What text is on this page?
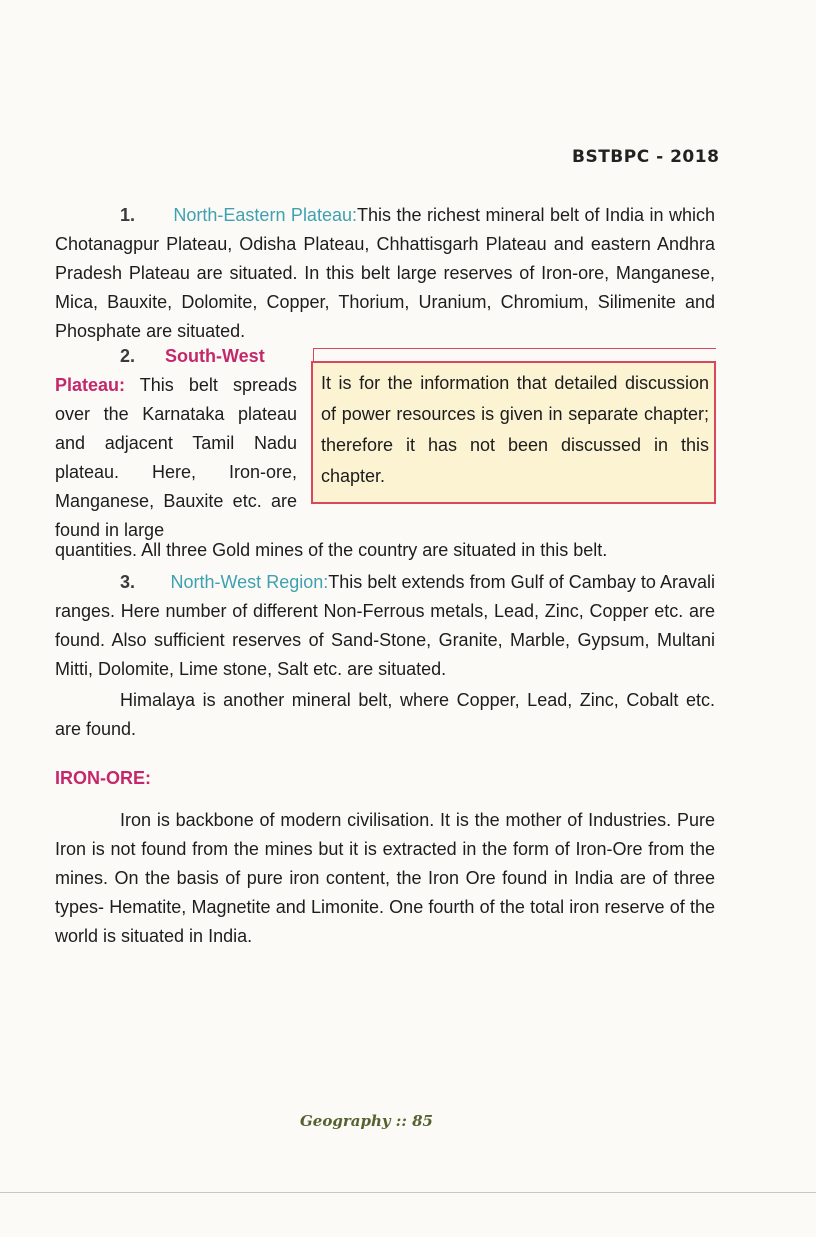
BSTBPC - 2018
1. North-Eastern Plateau:This the richest mineral belt of India in which Chotanagpur Plateau, Odisha Plateau, Chhattisgarh Plateau and eastern Andhra Pradesh Plateau are situated. In this belt large reserves of Iron-ore, Manganese, Mica, Bauxite, Dolomite, Copper, Thorium, Uranium, Chromium, Silimenite and Phosphate are situated.
2. South-West
Plateau: This belt spreads over the Karnataka plateau and adjacent Tamil Nadu plateau. Here, Iron-ore, Manganese, Bauxite etc. are found in large
It is for the information that detailed discussion of power resources is given in separate chapter; therefore it has not been discussed in this chapter.
quantities. All three Gold mines of the country are situated in this belt.
3. North-West Region:This belt extends from Gulf of Cambay to Aravali ranges. Here number of different Non-Ferrous metals, Lead, Zinc, Copper etc. are found. Also sufficient reserves of Sand-Stone, Granite, Marble, Gypsum, Multani Mitti, Dolomite, Lime stone, Salt etc. are situated.
Himalaya is another mineral belt, where Copper, Lead, Zinc, Cobalt etc. are found.
IRON-ORE:
Iron is backbone of modern civilisation. It is the mother of Industries. Pure Iron is not found from the mines but it is extracted in the form of Iron-Ore from the mines. On the basis of pure iron content, the Iron Ore found in India are of three types- Hematite, Magnetite and Limonite. One fourth of the total iron reserve of the world is situated in India.
Geography :: 85
